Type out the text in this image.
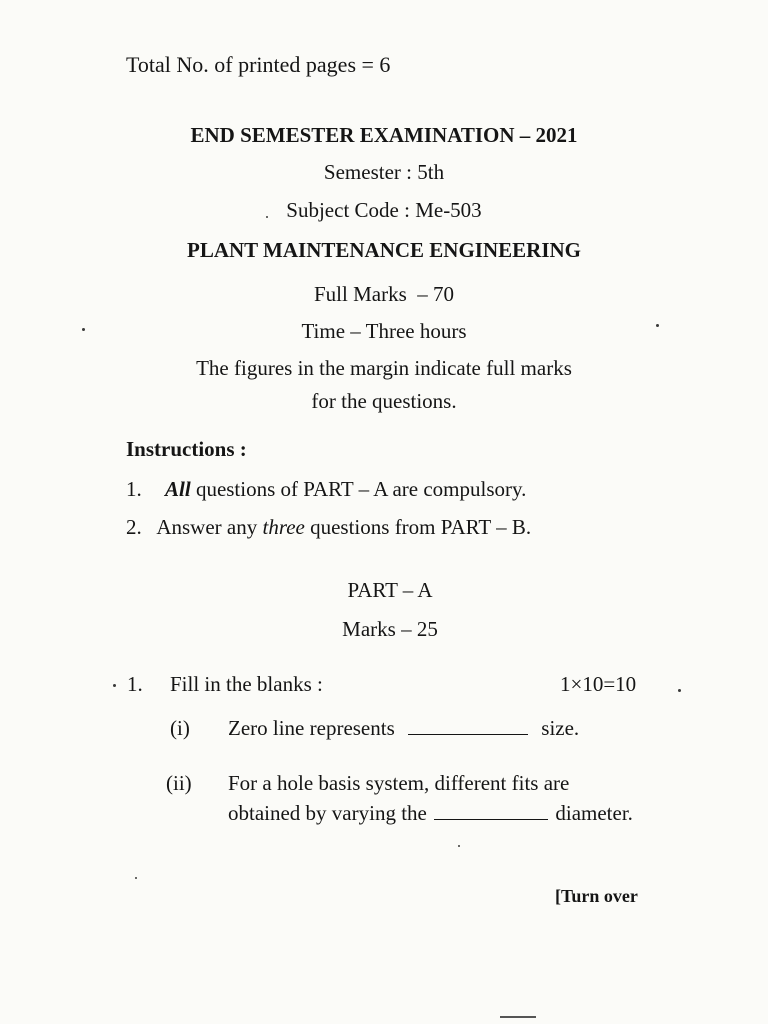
Total No. of printed pages = 6
END SEMESTER EXAMINATION – 2021
Semester : 5th
Subject Code : Me-503
PLANT MAINTENANCE ENGINEERING
Full Marks  – 70
Time – Three hours
The figures in the margin indicate full marks
for the questions.
Instructions :
1. All questions of PART – A are compulsory.
2. Answer any three questions from PART – B.
PART – A
Marks – 25
1. Fill in the blanks :	1×10=10
(i) Zero line represents	size.
(ii) For a hole basis system, different fits are
obtained by varying the	diameter.
[Turn over
